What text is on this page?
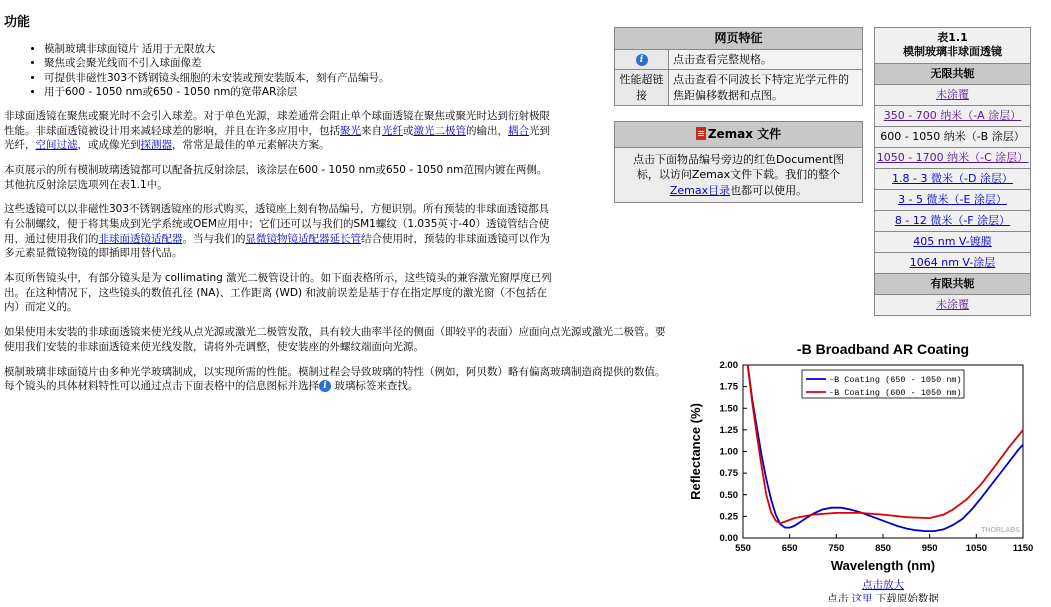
功能
• 模制玻璃非球面镜片 适用于无限放大
• 聚焦或会聚光线而不引入球面像差
• 可提供非磁性303不锈钢镜头细胞的未安装或预安装版本，刻有产品编号。
• 用于600 - 1050 nm或650 - 1050 nm的宽带AR涂层

非球面透镜在聚焦或聚光时不会引入球差。对于单色光源，球差通常会阻止单个球面透镜在聚焦或聚光时达到衍射极限性能。非球面透镜被设计用来减轻球差的影响，并且在许多应用中，包括聚光来自光纤或激光二极管的输出，耦合光到光纤，空间过滤，或成像光到探测器，常常是最佳的单元素解决方案。

本页展示的所有模制玻璃透镜都可以配备抗反射涂层，该涂层在600 - 1050 nm或650 - 1050 nm范围内镀在两侧。其他抗反射涂层选项列在表1.1中。

这些透镜可以以非磁性303不锈钢透镜座的形式购买，透镜座上刻有物品编号，方便识别。所有预装的非球面透镜都具有公制螺纹，便于将其集成到光学系统或OEM应用中；它们还可以与我们的SM1螺纹（1.035英寸-40）透镜管结合使用，通过使用我们的非球面透镜适配器。当与我们的显微镜物镜适配器延长管结合使用时，预装的非球面透镜可以作为多元素显微镜物镜的即插即用替代品。

本页所售镜头中，有部分镜头是为 collimating 激光二极管设计的。如下面表格所示，这些镜头的兼容激光窗厚度已列出。在这种情况下，这些镜头的数值孔径 (NA)、工作距离 (WD) 和波前误差是基于存在指定厚度的激光窗（不包括在内）而定义的。

如果使用未安装的非球面透镜来使光线从点光源或激光二极管发散，具有较大曲率半径的侧面（即较平的表面）应面向点光源或激光二极管。要使用我们安装的非球面透镜来使光线发散，请将外壳调整，使安装座的外螺纹端面向光源。

模制玻璃非球面镜片由多种光学玻璃制成，以实现所需的性能。模制过程会导致玻璃的特性（例如，阿贝数）略有偏离玻璃制造商提供的数值。每个镜头的具体材料特性可以通过点击下面表格中的信息图标并选择 i 玻璃标签来查找。

网页特征	
i	点击查看完整规格。
性能超链接	点击查看不同波长下特定光学元件的焦距偏移数据和点图。
Zemax 文件
点击下面物品编号旁边的红色Document图标，以访问Zemax文件下载。我们的整个
Zemax目录也都可以使用。
表1.1
模制玻璃非球面透镜
无限共轭
未涂覆
350 - 700 纳米（-A 涂层）
600 - 1050 纳米（-B 涂层）
1050 - 1700 纳米（-C 涂层）
1.8 - 3 微米（-D 涂层）
3 - 5 微米（-E 涂层）
8 - 12 微米（-F 涂层）
405 nm V-镀膜
1064 nm V-涂层
有限共轭
未涂覆
-B Broadband AR Coating
550	650	750	850	950	1050	1150
0.00
0.25
0.50
0.75
1.00
1.25
1.50
1.75
2.00
Wavelength (nm)
Reflectance (%)
THORLABS
-B Coating (650 - 1050 nm)
-B Coating (600 - 1050 nm)
点击放大
点击 这里 下载原始数据
